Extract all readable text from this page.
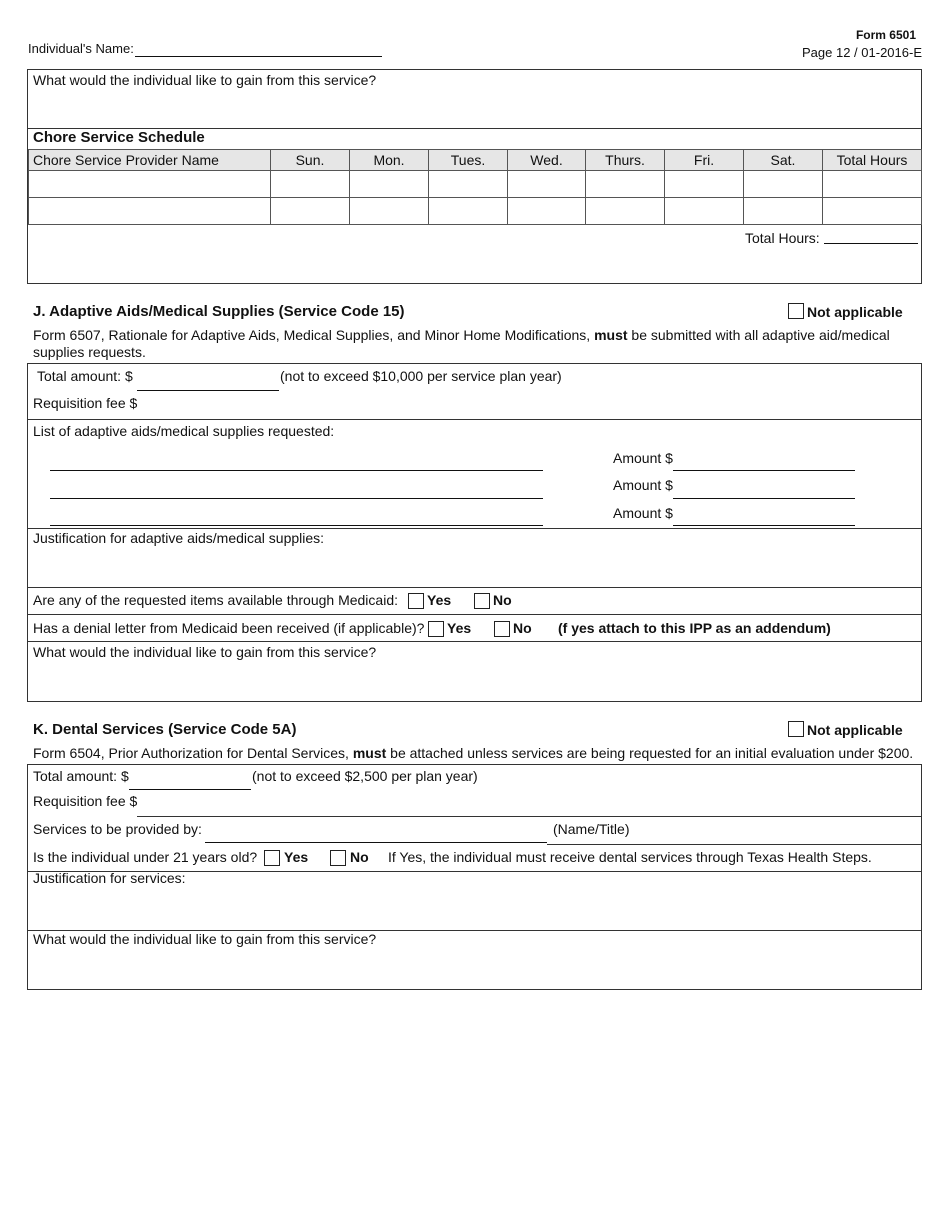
Form 6501
Page 12 / 01-2016-E
Individual's Name:
What would the individual like to gain from this service?
Chore Service Schedule
Chore Service Provider Name	Sun.	Mon.	Tues.	Wed.	Thurs.	Fri.	Sat.	Total Hours

Total Hours:
J. Adaptive Aids/Medical Supplies (Service Code 15)	Not applicable
Form 6507, Rationale for Adaptive Aids, Medical Supplies, and Minor Home Modifications, must be submitted with all adaptive aid/medical supplies requests.
Total amount: $	(not to exceed $10,000 per service plan year)
Requisition fee $
List of adaptive aids/medical supplies requested:
Amount $
Amount $
Amount $
Justification for adaptive aids/medical supplies:
Are any of the requested items available through Medicaid: Yes	No
Has a denial letter from Medicaid been received (if applicable)? Yes	No (f yes attach to this IPP as an addendum)
What would the individual like to gain from this service?
K. Dental Services (Service Code 5A)	Not applicable
Form 6504, Prior Authorization for Dental Services, must be attached unless services are being requested for an initial evaluation under $200.
Total amount: $	(not to exceed $2,500 per plan year)
Requisition fee $
Services to be provided by:	(Name/Title)
Is the individual under 21 years old? Yes	No If Yes, the individual must receive dental services through Texas Health Steps.
Justification for services:
What would the individual like to gain from this service?
